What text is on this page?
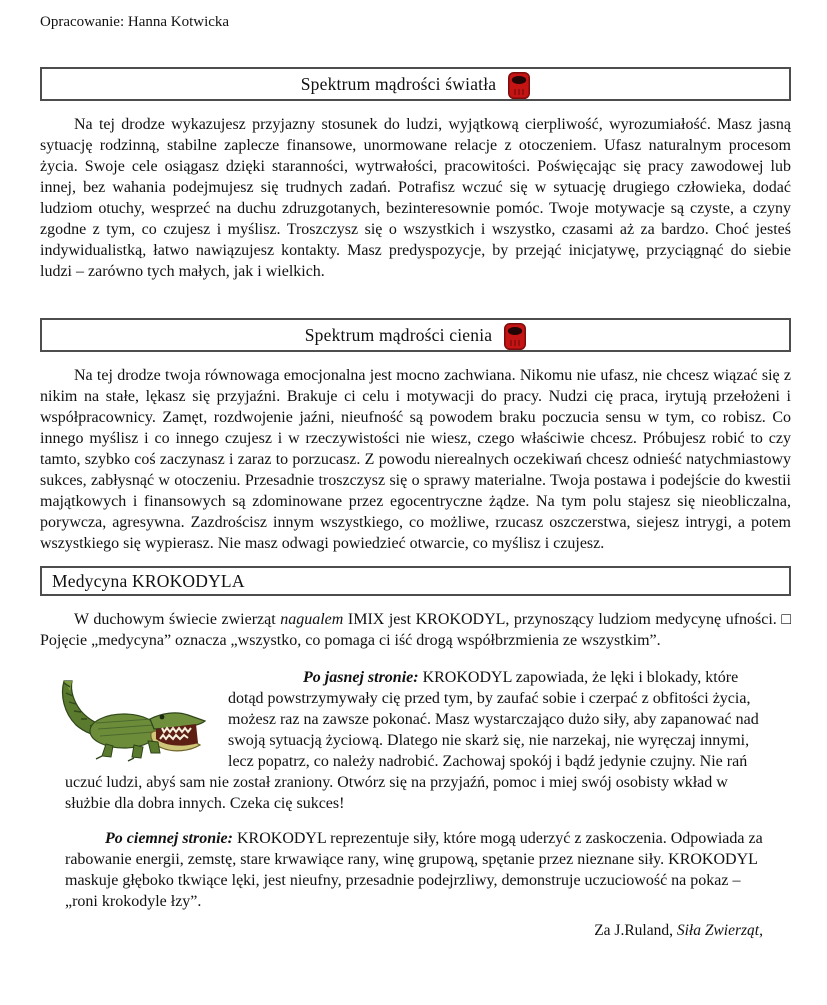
Opracowanie: Hanna Kotwicka
Spektrum mądrości światła

Na tej drodze wykazujesz przyjazny stosunek do ludzi, wyjątkową cierpliwość, wyrozumiałość. Masz jasną sytuację rodzinną, stabilne zaplecze finansowe, unormowane relacje z otoczeniem. Ufasz naturalnym procesom życia. Swoje cele osiągasz dzięki staranności, wytrwałości, pracowitości. Poświęcając się pracy zawodowej lub innej, bez wahania podejmujesz się trudnych zadań. Potrafisz wczuć się w sytuację drugiego człowieka, dodać ludziom otuchy, wesprzeć na duchu zdruzgotanych, bezinteresownie pomóc. Twoje motywacje są czyste, a czyny zgodne z tym, co czujesz i myślisz. Troszczysz się o wszystkich i wszystko, czasami aż za bardzo. Choć jesteś indywidualistką, łatwo nawiązujesz kontakty. Masz predyspozycje, by przejąć inicjatywę, przyciągnąć do siebie ludzi – zarówno tych małych, jak i wielkich.

Spektrum mądrości cienia

Na tej drodze twoja równowaga emocjonalna jest mocno zachwiana. Nikomu nie ufasz, nie chcesz wiązać się z nikim na stałe, lękasz się przyjaźni. Brakuje ci celu i motywacji do pracy. Nudzi cię praca, irytują przełożeni i współpracownicy. Zamęt, rozdwojenie jaźni, nieufność są powodem braku poczucia sensu w tym, co robisz. Co innego myślisz i co innego czujesz i w rzeczywistości nie wiesz, czego właściwie chcesz. Próbujesz robić to czy tamto, szybko coś zaczynasz i zaraz to porzucasz. Z powodu nierealnych oczekiwań chcesz odnieść natychmiastowy sukces, zabłysnąć w otoczeniu. Przesadnie troszczysz się o sprawy materialne. Twoja postawa i podejście do kwestii majątkowych i finansowych są zdominowane przez egocentryczne żądze. Na tym polu stajesz się nieobliczalna, porywcza, agresywna. Zazdrościsz innym wszystkiego, co możliwe, rzucasz oszczerstwa, siejesz intrygi, a potem wszystkiego się wypierasz. Nie masz odwagi powiedzieć otwarcie, co myślisz i czujesz.

Medycyna KROKODYLA

W duchowym świecie zwierząt nagualem IMIX jest KROKODYL, przynoszący ludziom medycynę ufności. □ Pojęcie „medycyna” oznacza „wszystko, co pomaga ci iść drogą współbrzmienia ze wszystkim”.

Po jasnej stronie: KROKODYL zapowiada, że lęki i blokady, które dotąd powstrzymywały cię przed tym, by zaufać sobie i czerpać z obfitości życia, możesz raz na zawsze pokonać. Masz wystarczająco dużo siły, aby zapanować nad swoją sytuacją życiową. Dlatego nie skarż się, nie narzekaj, nie wyręczaj innymi, lecz popatrz, co należy nadrobić. Zachowaj spokój i bądź jedynie czujny. Nie rań uczuć ludzi, abyś sam nie został zraniony. Otwórz się na przyjaźń, pomoc i miej swój osobisty wkład w służbie dla dobra innych. Czeka cię sukces!
Po ciemnej stronie: KROKODYL reprezentuje siły, które mogą uderzyć z zaskoczenia. Odpowiada za rabowanie energii, zemstę, stare krwawiące rany, winę grupową, spętanie przez nieznane siły. KROKODYL maskuje głęboko tkwiące lęki, jest nieufny, przesadnie podejrzliwy, demonstruje uczuciowość na pokaz – „roni krokodyle łzy”.
Za J.Ruland, Siła Zwierząt,
